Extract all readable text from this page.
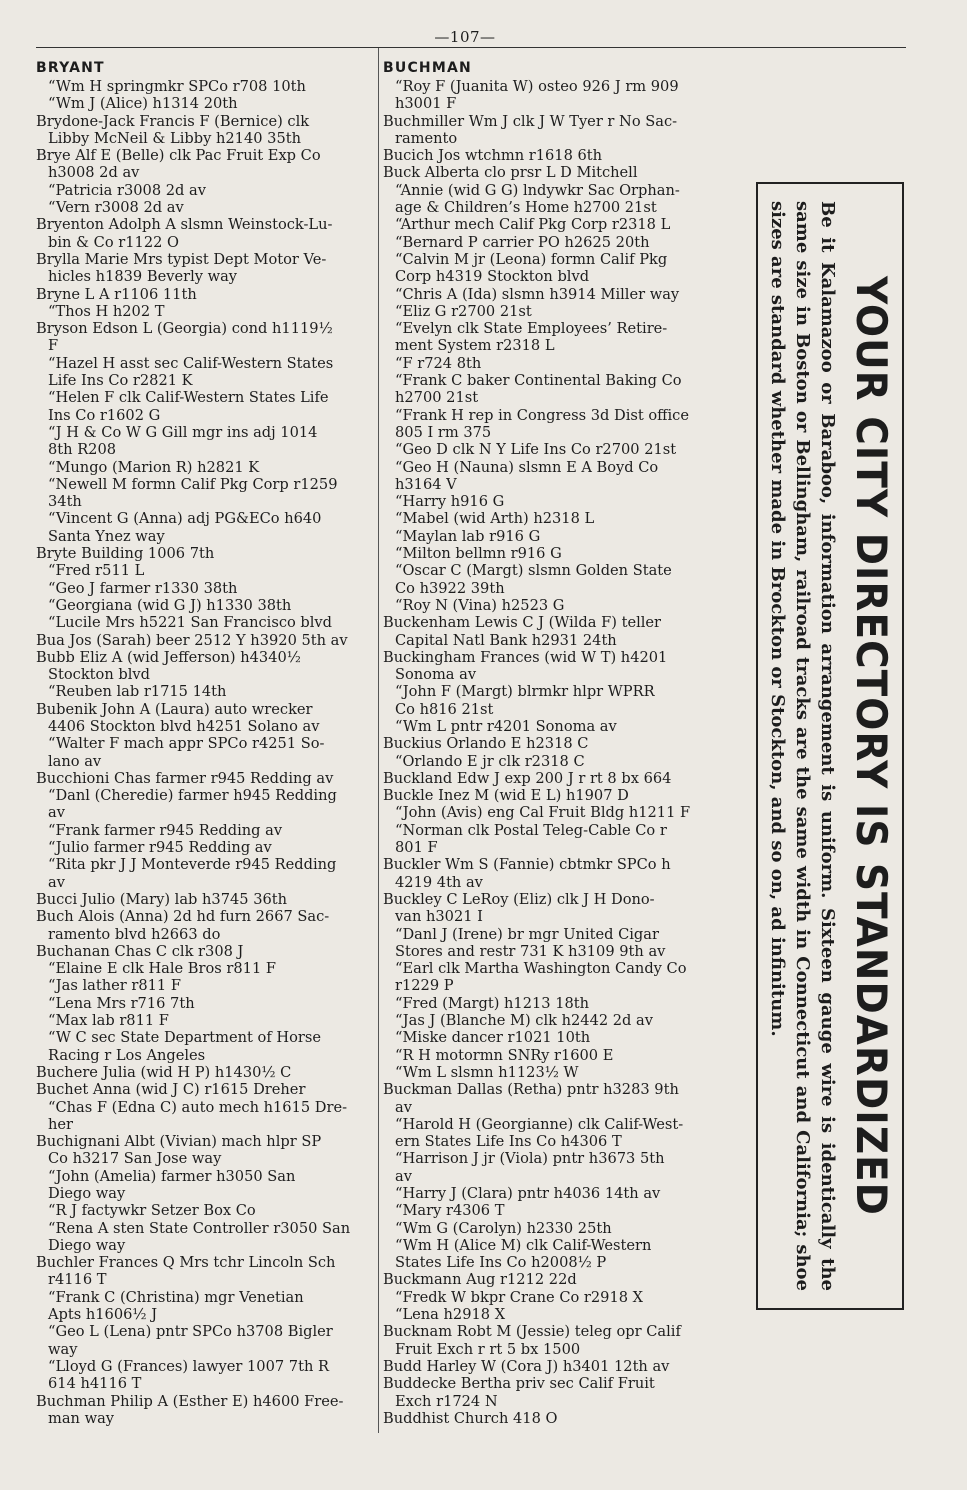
—107—
BRYANT
“Wm H springmkr SPCo r708 10th
“Wm J (Alice) h1314 20th
Brydone-Jack Francis F (Bernice) clk
Libby McNeil & Libby h2140 35th
Brye Alf E (Belle) clk Pac Fruit Exp Co
h3008 2d av
“Patricia r3008 2d av
“Vern r3008 2d av
Bryenton Adolph A slsmn Weinstock-Lu-
bin & Co r1122 O
Brylla Marie Mrs typist Dept Motor Ve-
hicles h1839 Beverly way
Bryne L A r1106 11th
“Thos H h202 T
Bryson Edson L (Georgia) cond h1119½
F
“Hazel H asst sec Calif-Western States
Life Ins Co r2821 K
“Helen F clk Calif-Western States Life
Ins Co r1602 G
“J H & Co W G Gill mgr ins adj 1014
8th R208
“Mungo (Marion R) h2821 K
“Newell M formn Calif Pkg Corp r1259
34th
“Vincent G (Anna) adj PG&ECo h640
Santa Ynez way
Bryte Building 1006 7th
“Fred r511 L
“Geo J farmer r1330 38th
“Georgiana (wid G J) h1330 38th
“Lucile Mrs h5221 San Francisco blvd
Bua Jos (Sarah) beer 2512 Y h3920 5th av
Bubb Eliz A (wid Jefferson) h4340½
Stockton blvd
“Reuben lab r1715 14th
Bubenik John A (Laura) auto wrecker
4406 Stockton blvd h4251 Solano av
“Walter F mach appr SPCo r4251 So-
lano av
Bucchioni Chas farmer r945 Redding av
“Danl (Cheredie) farmer h945 Redding
av
“Frank farmer r945 Redding av
“Julio farmer r945 Redding av
“Rita pkr J J Monteverde r945 Redding
av
Bucci Julio (Mary) lab h3745 36th
Buch Alois (Anna) 2d hd furn 2667 Sac-
ramento blvd h2663 do
Buchanan Chas C clk r308 J
“Elaine E clk Hale Bros r811 F
“Jas lather r811 F
“Lena Mrs r716 7th
“Max lab r811 F
“W C sec State Department of Horse
Racing r Los Angeles
Buchere Julia (wid H P) h1430½ C
Buchet Anna (wid J C) r1615 Dreher
“Chas F (Edna C) auto mech h1615 Dre-
her
Buchignani Albt (Vivian) mach hlpr SP
Co h3217 San Jose way
“John (Amelia) farmer h3050 San
Diego way
“R J factywkr Setzer Box Co
“Rena A sten State Controller r3050 San
Diego way
Buchler Frances Q Mrs tchr Lincoln Sch
r4116 T
“Frank C (Christina) mgr Venetian
Apts h1606½ J
“Geo L (Lena) pntr SPCo h3708 Bigler
way
“Lloyd G (Frances) lawyer 1007 7th R
614 h4116 T
Buchman Philip A (Esther E) h4600 Free-
man way
BUCHMAN
“Roy F (Juanita W) osteo 926 J rm 909
h3001 F
Buchmiller Wm J clk J W Tyer r No Sac-
ramento
Bucich Jos wtchmn r1618 6th
Buck Alberta clo prsr L D Mitchell
“Annie (wid G G) lndywkr Sac Orphan-
age & Children’s Home h2700 21st
“Arthur mech Calif Pkg Corp r2318 L
“Bernard P carrier PO h2625 20th
“Calvin M jr (Leona) formn Calif Pkg
Corp h4319 Stockton blvd
“Chris A (Ida) slsmn h3914 Miller way
“Eliz G r2700 21st
“Evelyn clk State Employees’ Retire-
ment System r2318 L
“F r724 8th
“Frank C baker Continental Baking Co
h2700 21st
“Frank H rep in Congress 3d Dist office
805 I rm 375
“Geo D clk N Y Life Ins Co r2700 21st
“Geo H (Nauna) slsmn E A Boyd Co
h3164 V
“Harry h916 G
“Mabel (wid Arth) h2318 L
“Maylan lab r916 G
“Milton bellmn r916 G
“Oscar C (Margt) slsmn Golden State
Co h3922 39th
“Roy N (Vina) h2523 G
Buckenham Lewis C J (Wilda F) teller
Capital Natl Bank h2931 24th
Buckingham Frances (wid W T) h4201
Sonoma av
“John F (Margt) blrmkr hlpr WPRR
Co h816 21st
“Wm L pntr r4201 Sonoma av
Buckius Orlando E h2318 C
“Orlando E jr clk r2318 C
Buckland Edw J exp 200 J r rt 8 bx 664
Buckle Inez M (wid E L) h1907 D
“John (Avis) eng Cal Fruit Bldg h1211 F
“Norman clk Postal Teleg-Cable Co r
801 F
Buckler Wm S (Fannie) cbtmkr SPCo h
4219 4th av
Buckley C LeRoy (Eliz) clk J H Dono-
van h3021 I
“Danl J (Irene) br mgr United Cigar
Stores and restr 731 K h3109 9th av
“Earl clk Martha Washington Candy Co
r1229 P
“Fred (Margt) h1213 18th
“Jas J (Blanche M) clk h2442 2d av
“Miske dancer r1021 10th
“R H motormn SNRy r1600 E
“Wm L slsmn h1123½ W
Buckman Dallas (Retha) pntr h3283 9th
av
“Harold H (Georgianne) clk Calif-West-
ern States Life Ins Co h4306 T
“Harrison J jr (Viola) pntr h3673 5th
av
“Harry J (Clara) pntr h4036 14th av
“Mary r4306 T
“Wm G (Carolyn) h2330 25th
“Wm H (Alice M) clk Calif-Western
States Life Ins Co h2008½ P
Buckmann Aug r1212 22d
“Fredk W bkpr Crane Co r2918 X
“Lena h2918 X
Bucknam Robt M (Jessie) teleg opr Calif
Fruit Exch r rt 5 bx 1500
Budd Harley W (Cora J) h3401 12th av
Buddecke Bertha priv sec Calif Fruit
Exch r1724 N
Buddhist Church 418 O
YOUR CITY DIRECTORY IS STANDARDIZED
Be it Kalamazoo or Baraboo, information arrangement is uniform. Sixteen gauge wire is identically the same size in Boston or Bellingham, railroad tracks are the same width in Connecticut and California; shoe sizes are standard whether made in Brockton or Stockton, and so on, ad infinitum.
